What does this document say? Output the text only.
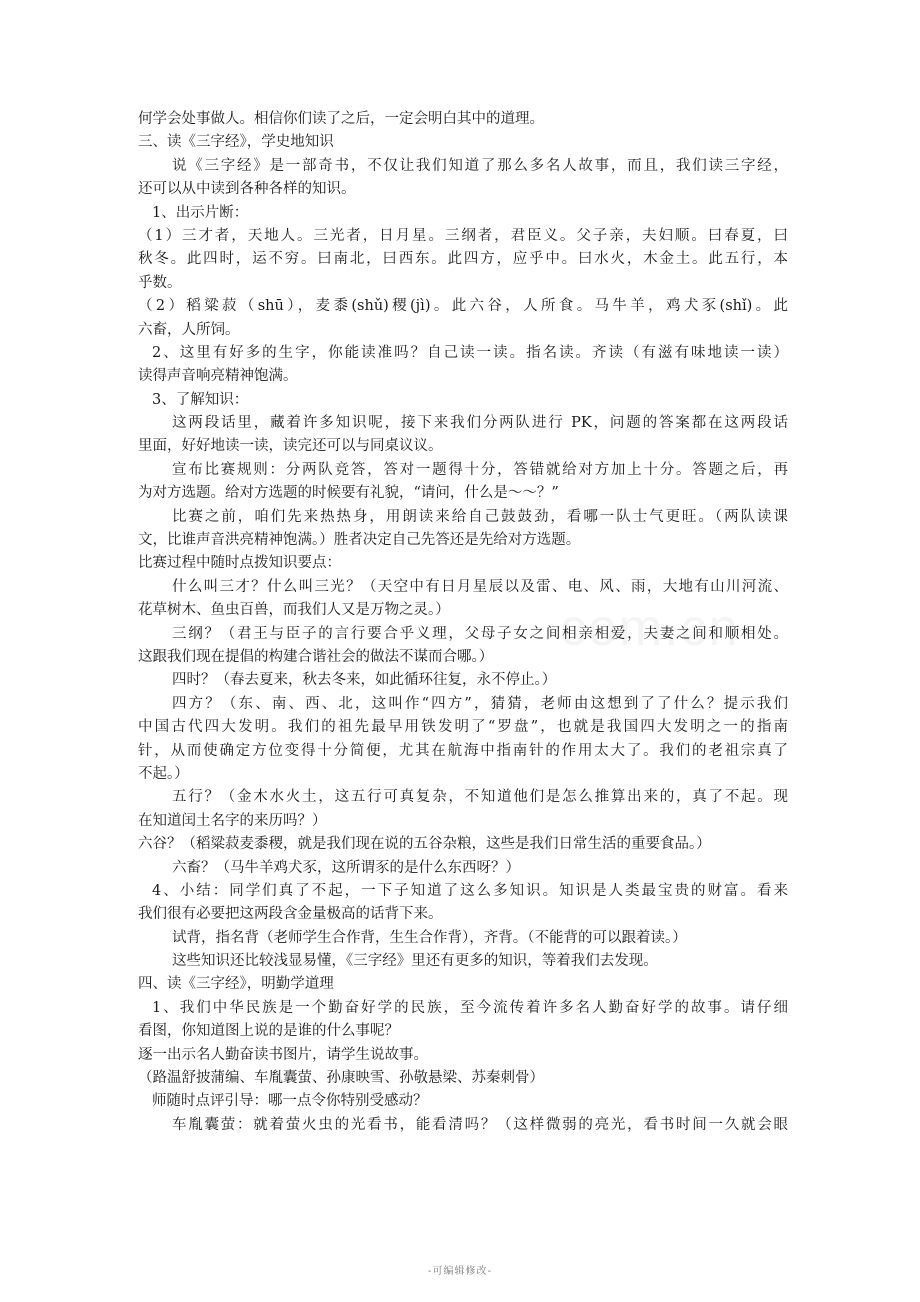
com.cn
何学会处事做人。相信你们读了之后，一定会明白其中的道理。
三、读《三字经》，学史地知识
说《三字经》是一部奇书，不仅让我们知道了那么多名人故事，而且，我们读三字经，
还可以从中读到各种各样的知识。
1、出示片断：
（1）三才者，天地人。三光者，日月星。三纲者，君臣义。父子亲，夫妇顺。曰春夏，曰
秋冬。此四时，运不穷。曰南北，曰西东。此四方，应乎中。曰水火，木金土。此五行，本
乎数。
（2）稻粱菽（shū），麦黍(shǔ)稷(jì)。此六谷，人所食。马牛羊，鸡犬豕(shǐ)。此
六畜，人所饲。
2、这里有好多的生字，你能读准吗？自己读一读。指名读。齐读（有滋有味地读一读）
读得声音响亮精神饱满。
3、了解知识：
这两段话里，藏着许多知识呢，接下来我们分两队进行 PK，问题的答案都在这两段话
里面，好好地读一读，读完还可以与同桌议议。
宣布比赛规则：分两队竞答，答对一题得十分，答错就给对方加上十分。答题之后，再
为对方选题。给对方选题的时候要有礼貌，“请问，什么是～～？”
比赛之前，咱们先来热热身，用朗读来给自己鼓鼓劲，看哪一队士气更旺。（两队读课
文，比谁声音洪亮精神饱满。）胜者决定自己先答还是先给对方选题。
比赛过程中随时点拨知识要点：
什么叫三才？什么叫三光？（天空中有日月星辰以及雷、电、风、雨，大地有山川河流、
花草树木、鱼虫百兽，而我们人又是万物之灵。）
三纲？（君王与臣子的言行要合乎义理，父母子女之间相亲相爱，夫妻之间和顺相处。
这跟我们现在提倡的构建合谐社会的做法不谋而合哪。）
四时？（春去夏来，秋去冬来，如此循环往复，永不停止。）
四方？（东、南、西、北，这叫作“四方”，猜猜，老师由这想到了了什么？提示我们
中国古代四大发明。我们的祖先最早用铁发明了“罗盘”，也就是我国四大发明之一的指南
针，从而使确定方位变得十分简便，尤其在航海中指南针的作用太大了。我们的老祖宗真了
不起。）
五行？（金木水火土，这五行可真复杂，不知道他们是怎么推算出来的，真了不起。现
在知道闰土名字的来历吗？）
六谷？（稻粱菽麦黍稷，就是我们现在说的五谷杂粮，这些是我们日常生活的重要食品。）
六畜？（马牛羊鸡犬豕，这所谓豕的是什么东西呀？）
4、小结：同学们真了不起，一下子知道了这么多知识。知识是人类最宝贵的财富。看来
我们很有必要把这两段含金量极高的话背下来。
试背，指名背（老师学生合作背，生生合作背），齐背。（不能背的可以跟着读。）
这些知识还比较浅显易懂，《三字经》里还有更多的知识，等着我们去发现。
四、读《三字经》，明勤学道理
1、我们中华民族是一个勤奋好学的民族，至今流传着许多名人勤奋好学的故事。请仔细
看图，你知道图上说的是谁的什么事呢？
逐一出示名人勤奋读书图片，请学生说故事。
（路温舒披蒲编、车胤囊萤、孙康映雪、孙敬悬梁、苏秦刺骨）
师随时点评引导：哪一点令你特别受感动？
车胤囊萤：就着萤火虫的光看书，能看清吗？（这样微弱的亮光，看书时间一久就会眼
-可编辑修改-
